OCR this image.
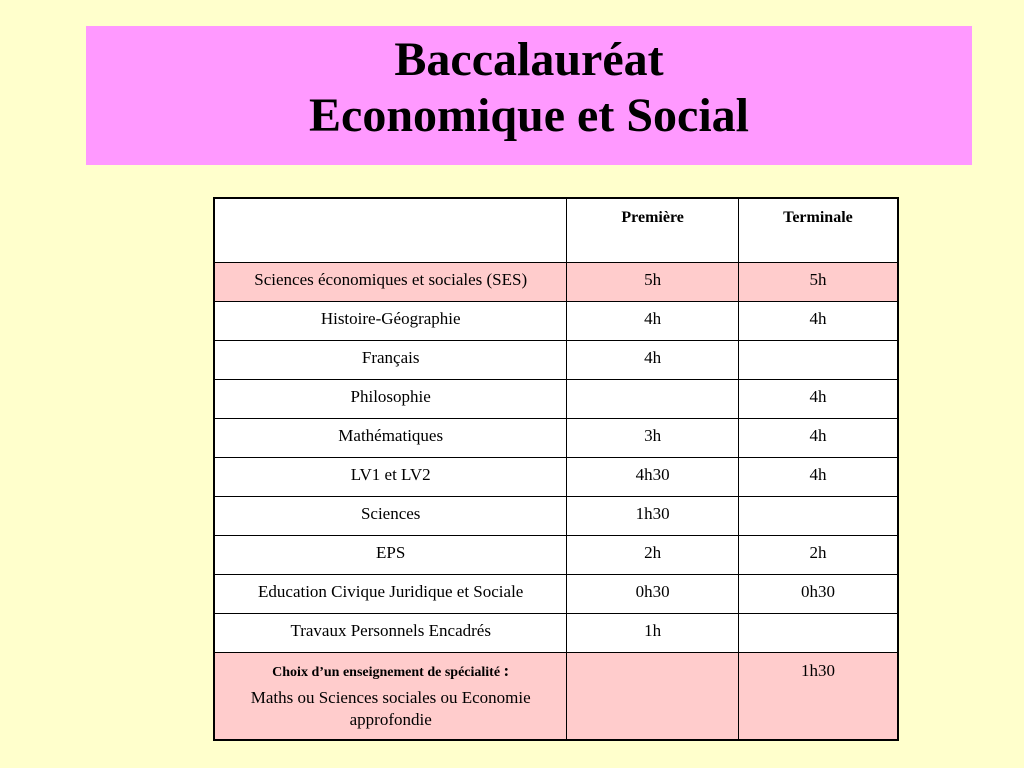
Baccalauréat
Economique et Social
	Première	Terminale
Sciences économiques et sociales (SES)	5h	5h
Histoire-Géographie	4h	4h
Français	4h	
Philosophie		4h
Mathématiques	3h	4h
LV1 et LV2	4h30	4h
Sciences	1h30	
EPS	2h	2h
Education Civique Juridique et Sociale	0h30	0h30
Travaux Personnels Encadrés	1h	

Choix d’un enseignement de spécialité :
Maths ou Sciences sociales ou Economie approfondie		1h30
